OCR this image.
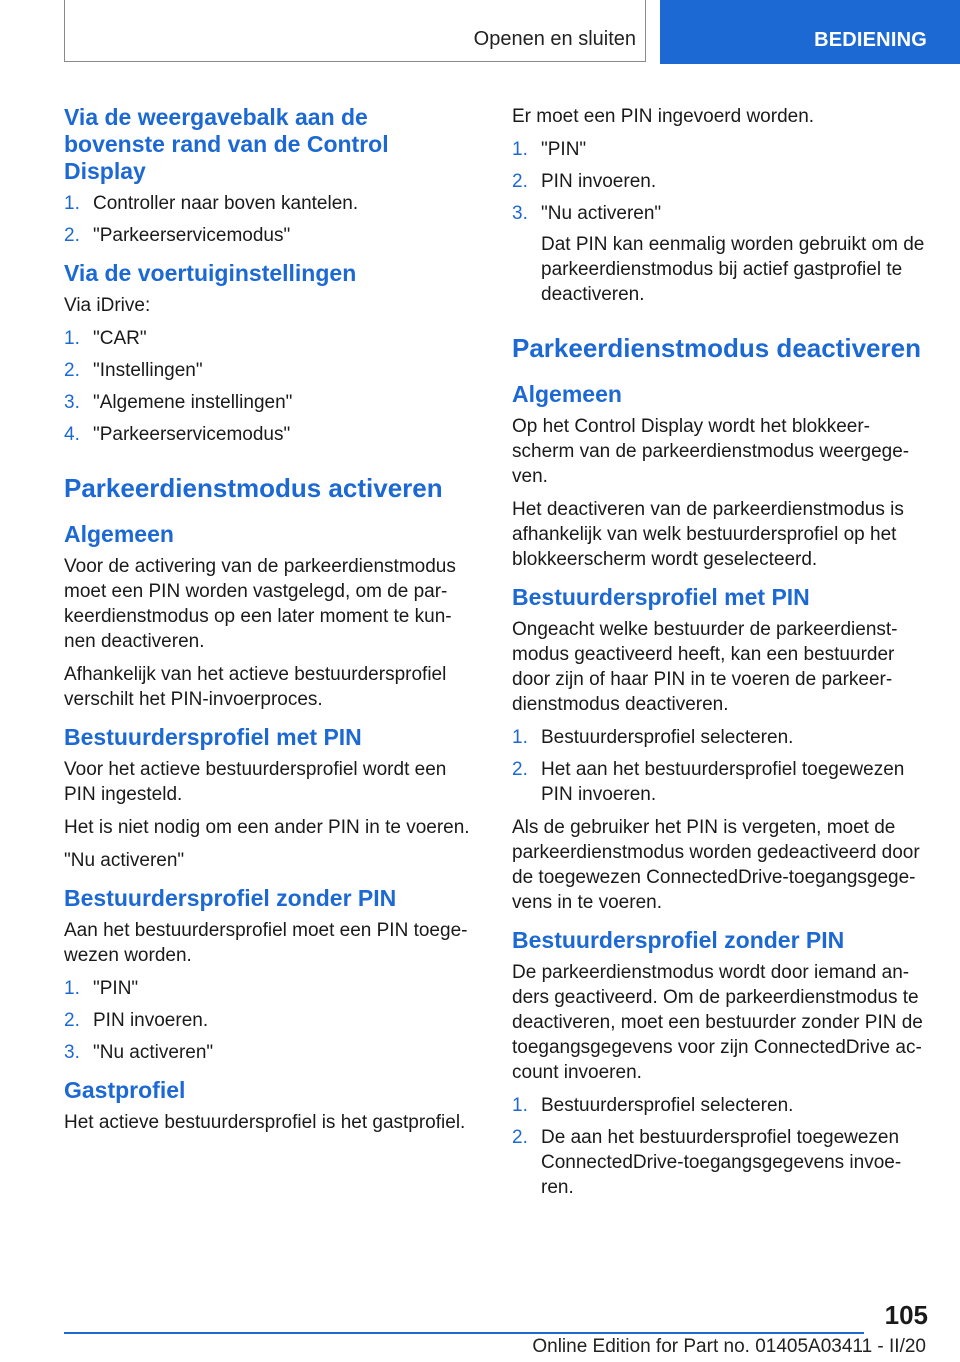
Openen en sluiten	BEDIENING
Via de weergavebalk aan de bovenste rand van de Control Display
1. Controller naar boven kantelen.
2. "Parkeerservicemodus"
Via de voertuiginstellingen

Via iDrive:

1. "CAR"
2. "Instellingen"
3. "Algemene instellingen"
4. "Parkeerservicemodus"
Parkeerdienstmodus activeren
Algemeen

Voor de activering van de parkeerdienstmodus moet een PIN worden vastgelegd, om de par-keerdienstmodus op een later moment te kun-nen deactiveren.

Afhankelijk van het actieve bestuurdersprofiel verschilt het PIN-invoerproces.

Bestuurdersprofiel met PIN

Voor het actieve bestuurdersprofiel wordt een PIN ingesteld.

Het is niet nodig om een ander PIN in te voeren.

"Nu activeren"

Bestuurdersprofiel zonder PIN

Aan het bestuurdersprofiel moet een PIN toege-wezen worden.

1. "PIN"
2. PIN invoeren.
3. "Nu activeren"
Gastprofiel

Het actieve bestuurdersprofiel is het gastprofiel.

Er moet een PIN ingevoerd worden.

1. "PIN"
2. PIN invoeren.
3. "Nu activeren"
Dat PIN kan eenmalig worden gebruikt om de parkeerdienstmodus bij actief gastprofiel te deactiveren.
Parkeerdienstmodus deactiveren
Algemeen

Op het Control Display wordt het blokkeer-scherm van de parkeerdienstmodus weergege-ven.

Het deactiveren van de parkeerdienstmodus is afhankelijk van welk bestuurdersprofiel op het blokkeerscherm wordt geselecteerd.

Bestuurdersprofiel met PIN

Ongeacht welke bestuurder de parkeerdienst-modus geactiveerd heeft, kan een bestuurder door zijn of haar PIN in te voeren de parkeer-dienstmodus deactiveren.

1. Bestuurdersprofiel selecteren.
2. Het aan het bestuurdersprofiel toegewezen PIN invoeren.

Als de gebruiker het PIN is vergeten, moet de parkeerdienstmodus worden gedeactiveerd door de toegewezen ConnectedDrive-toegangsgege-vens in te voeren.

Bestuurdersprofiel zonder PIN

De parkeerdienstmodus wordt door iemand an-ders geactiveerd. Om de parkeerdienstmodus te deactiveren, moet een bestuurder zonder PIN de toegangsgegevens voor zijn ConnectedDrive ac-count invoeren.

1. Bestuurdersprofiel selecteren.
2. De aan het bestuurdersprofiel toegewezen ConnectedDrive-toegangsgegevens invoe-ren.
105
Online Edition for Part no. 01405A03411 - II/20
